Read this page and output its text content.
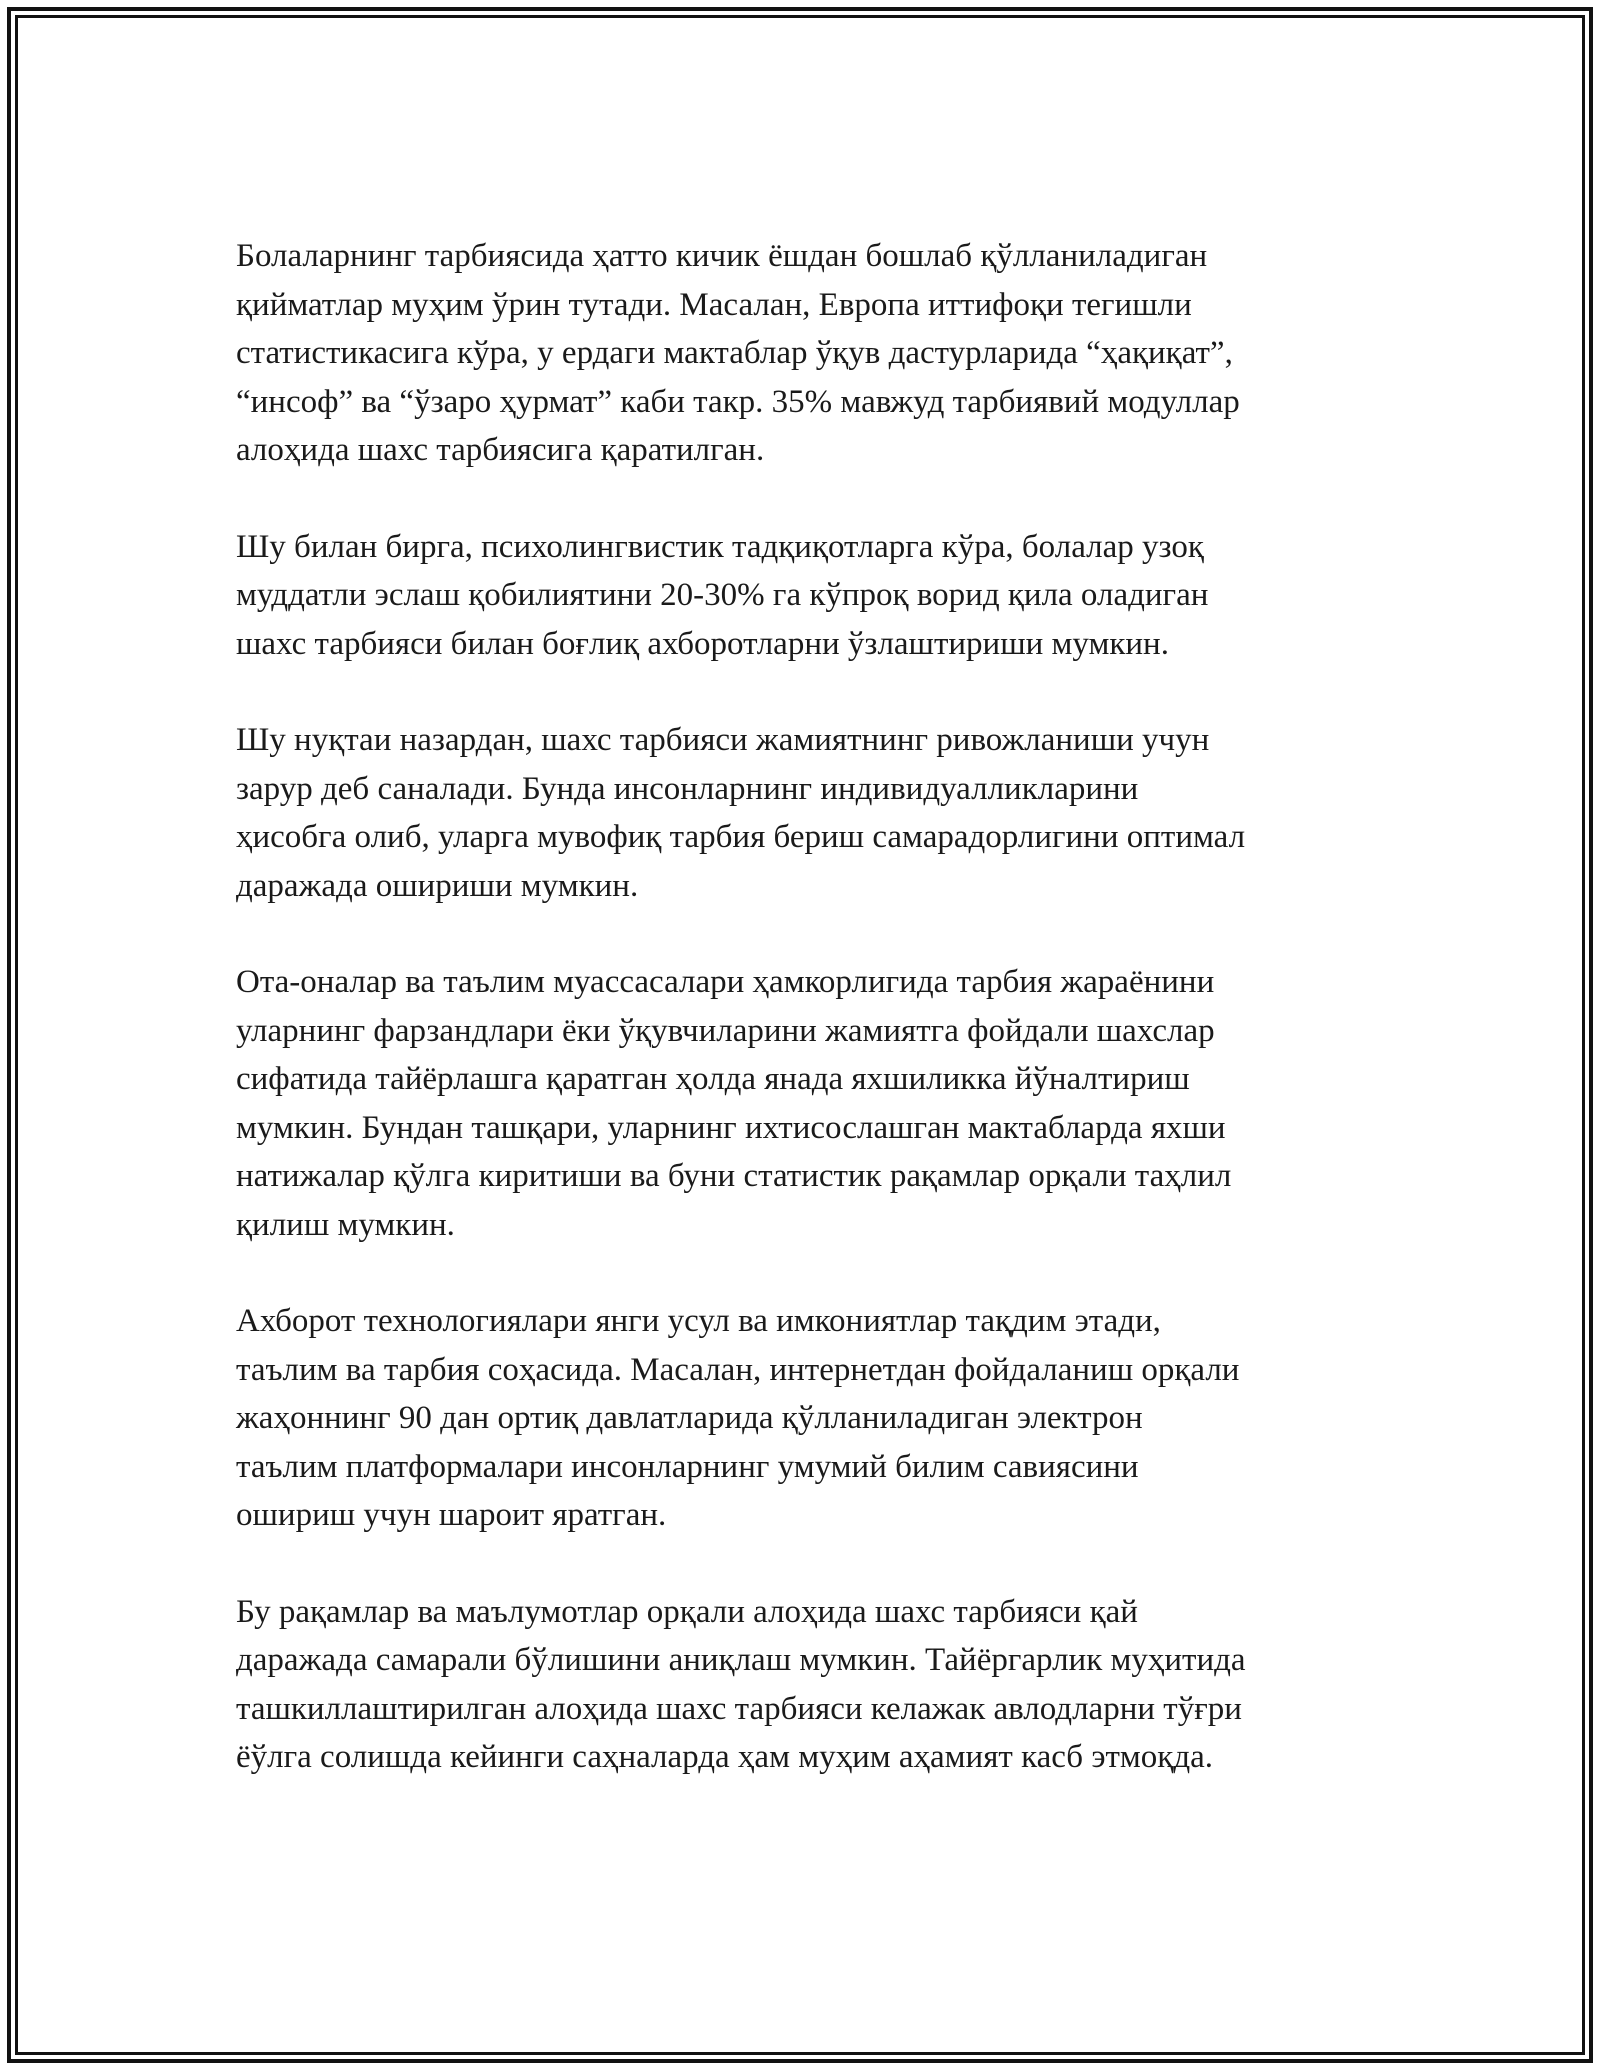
Болаларнинг тарбиясида ҳатто кичик ёшдан бошлаб қўлланиладиган
қийматлар муҳим ўрин тутади. Масалан, Европа иттифоқи тегишли
статистикасига кўра, у ердаги мактаблар ўқув дастурларида “ҳақиқат”,
“инсоф” ва “ўзаро ҳурмат” каби такр. 35% мавжуд тарбиявий модуллар
алоҳида шахс тарбиясига қаратилган.

Шу билан бирга, психолингвистик тадқиқотларга кўра, болалар узоқ
муддатли эслаш қобилиятини 20-30% га кўпроқ ворид қила оладиган
шахс тарбияси билан боғлиқ ахборотларни ўзлаштириши мумкин.

Шу нуқтаи назардан, шахс тарбияси жамиятнинг ривожланиши учун
зарур деб саналади. Бунда инсонларнинг индивидуалликларини
ҳисобга олиб, уларга мувофиқ тарбия бериш самарадорлигини оптимал
даражада ошириши мумкин.

Ота-оналар ва таълим муассасалари ҳамкорлигида тарбия жараёнини
уларнинг фарзандлари ёки ўқувчиларини жамиятга фойдали шахслар
сифатида тайёрлашга қаратган ҳолда янада яхшиликка йўналтириш
мумкин. Бундан ташқари, уларнинг ихтисослашган мактабларда яхши
натижалар қўлга киритиши ва буни статистик рақамлар орқали таҳлил
қилиш мумкин.

Ахборот технологиялари янги усул ва имкониятлар тақдим этади,
таълим ва тарбия соҳасида. Масалан, интернетдан фойдаланиш орқали
жаҳоннинг 90 дан ортиқ давлатларида қўлланиладиган электрон
таълим платформалари инсонларнинг умумий билим савиясини
ошириш учун шароит яратган.

Бу рақамлар ва маълумотлар орқали алоҳида шахс тарбияси қай
даражада самарали бўлишини аниқлаш мумкин. Тайёргарлик муҳитида
ташкиллаштирилган алоҳида шахс тарбияси келажак авлодларни тўғри
ёўлга солишда кейинги саҳналарда ҳам муҳим аҳамият касб этмоқда.
